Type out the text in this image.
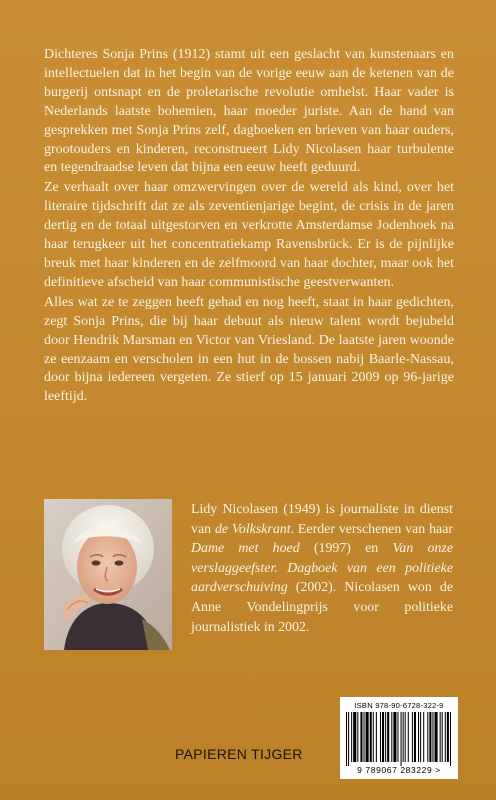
Dichteres Sonja Prins (1912) stamt uit een geslacht van kunstenaars en intellectuelen dat in het begin van de vorige eeuw aan de ketenen van de burgerij ontsnapt en de proletarische revolutie omhelst. Haar vader is Nederlands laatste bohemien, haar moeder juriste. Aan de hand van gesprekken met Sonja Prins zelf, dagboeken en brieven van haar ouders, grootouders en kinderen, reconstrueert Lidy Nicolasen haar turbulente en tegendraadse leven dat bijna een eeuw heeft geduurd.

Ze verhaalt over haar omzwervingen over de wereld als kind, over het literaire tijdschrift dat ze als zeventienjarige begint, de crisis in de jaren dertig en de totaal uitgestorven en verkrotte Amsterdamse Jodenhoek na haar terugkeer uit het concentratiekamp Ravensbrück. Er is de pijnlijke breuk met haar kinderen en de zelfmoord van haar dochter, maar ook het definitieve afscheid van haar communistische geestverwanten.

Alles wat ze te zeggen heeft gehad en nog heeft, staat in haar gedichten, zegt Sonja Prins, die bij haar debuut als nieuw talent wordt bejubeld door Hendrik Marsman en Victor van Vriesland. De laatste jaren woonde ze eenzaam en verscholen in een hut in de bossen nabij Baarle-Nassau, door bijna iedereen vergeten. Ze stierf op 15 januari 2009 op 96-jarige leeftijd.

Lidy Nicolasen (1949) is journaliste in dienst van de Volkskrant. Eerder verschenen van haar Dame met hoed (1997) en Van onze verslaggeefster. Dagboek van een politieke aardverschuiving (2002). Nicolasen won de Anne Vondelingprijs voor politieke journalistiek in 2002.
PAPIEREN TIJGER
ISBN 978-90-6728-322-9
9 789067 283229 >
